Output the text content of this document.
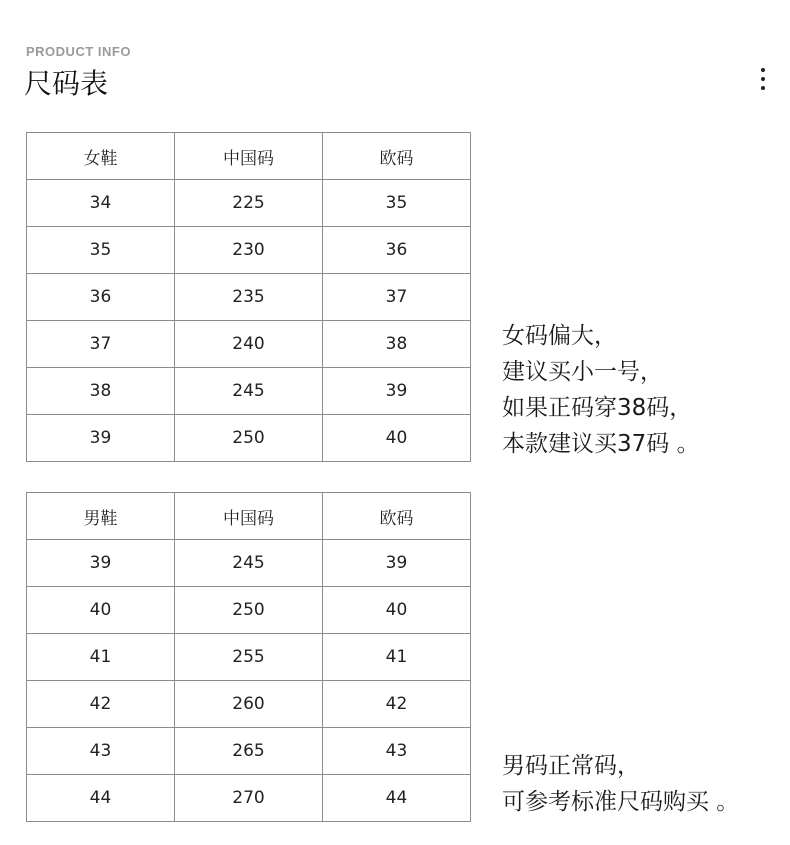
PRODUCT INFO
尺码表
女鞋	中国码	欧码
34	225	35
35	230	36
36	235	37
37	240	38
38	245	39
39	250	40
女码偏大，
建议买小一号，
如果正码穿38码，
本款建议买37码 。
男鞋	中国码	欧码
39	245	39
40	250	40
41	255	41
42	260	42
43	265	43
44	270	44
男码正常码，
可参考标准尺码购买 。
